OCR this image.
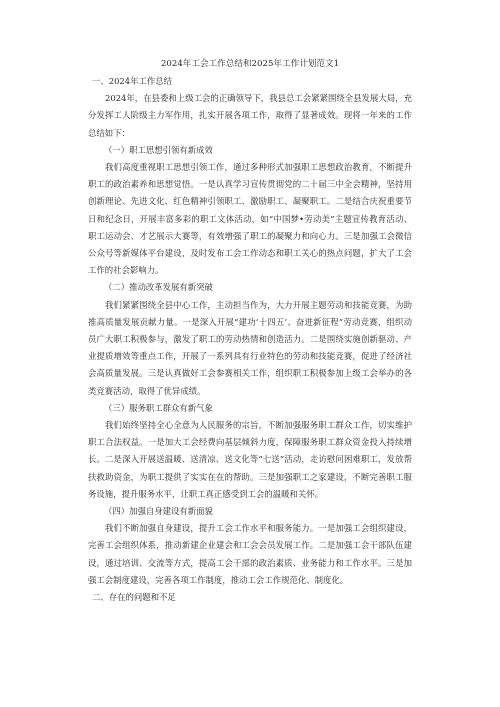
2024年工会工作总结和2025年工作计划范文1

一、2024年工作总结

2024年，在县委和上级工会的正确领导下，我县总工会紧紧围绕全县发展大局，充分发挥工人阶级主力军作用，扎实开展各项工作，取得了显著成效。现将一年来的工作总结如下：

（一）职工思想引领有新成效

我们高度重视职工思想引领工作，通过多种形式加强职工思想政治教育，不断提升职工的政治素养和思想觉悟。一是认真学习宣传贯彻党的二十届三中全会精神，坚持用创新理论、先进文化、红色精神引领职工、激励职工、凝聚职工。二是结合庆祝重要节日和纪念日，开展丰富多彩的职工文体活动，如“中国梦•劳动美”主题宣传教育活动、职工运动会、才艺展示大赛等，有效增强了职工的凝聚力和向心力。三是加强工会微信公众号等新媒体平台建设，及时发布工会工作动态和职工关心的热点问题，扩大了工会工作的社会影响力。

（二）推动改革发展有新突破

我们紧紧围绕全县中心工作，主动担当作为，大力开展主题劳动和技能竞赛，为助推高质量发展贡献力量。一是深入开展“建功‘十四五’、奋进新征程”劳动竞赛，组织动员广大职工积极参与，激发了职工的劳动热情和创造活力。二是围绕实施创新驱动、产业提质增效等重点工作，开展了一系列具有行业特色的劳动和技能竞赛，促进了经济社会高质量发展。三是认真做好工会参赛相关工作，组织职工积极参加上级工会举办的各类竞赛活动，取得了优异成绩。

（三）服务职工群众有新气象

我们始终坚持全心全意为人民服务的宗旨，不断加强服务职工群众工作，切实维护职工合法权益。一是加大工会经费向基层倾斜力度，保障服务职工群众资金投入持续增长。二是深入开展送温暖、送清凉、送文化等“七送”活动，走访慰问困难职工，发放帮扶救助资金，为职工提供了实实在在的帮助。三是加强职工之家建设，不断完善职工服务设施，提升服务水平，让职工真正感受到工会的温暖和关怀。

（四）加强自身建设有新面貌

我们不断加强自身建设，提升工会工作水平和服务能力。一是加强工会组织建设，完善工会组织体系，推动新建企业建会和工会会员发展工作。二是加强工会干部队伍建设，通过培训、交流等方式，提高工会干部的政治素质、业务能力和工作水平。三是加强工会制度建设，完善各项工作制度，推动工会工作规范化、制度化。

二、存在的问题和不足
